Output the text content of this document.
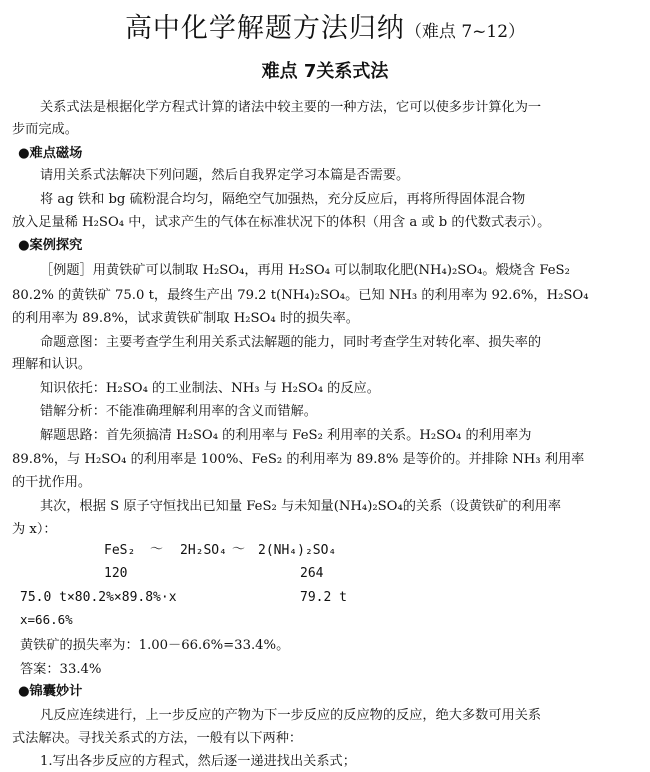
高中化学解题方法归纳（难点 7~12）
难点 7关系式法
关系式法是根据化学方程式计算的诸法中较主要的一种方法，它可以使多步计算化为一
步而完成。
●难点磁场
请用关系式法解决下列问题，然后自我界定学习本篇是否需要。
将 ag 铁和 bg 硫粉混合均匀，隔绝空气加强热，充分反应后，再将所得固体混合物
放入足量稀 H₂SO₄ 中，试求产生的气体在标准状况下的体积（用含 a 或 b 的代数式表示）。
●案例探究
［例题］用黄铁矿可以制取 H₂SO₄，再用 H₂SO₄ 可以制取化肥(NH₄)₂SO₄。煅烧含 FeS₂
80.2% 的黄铁矿 75.0 t，最终生产出 79.2 t(NH₄)₂SO₄。已知 NH₃ 的利用率为 92.6%，H₂SO₄
的利用率为 89.8%，试求黄铁矿制取 H₂SO₄ 时的损失率。
命题意图：主要考查学生利用关系式法解题的能力，同时考查学生对转化率、损失率的
理解和认识。
知识依托：H₂SO₄ 的工业制法、NH₃ 与 H₂SO₄ 的反应。
错解分析：不能准确理解利用率的含义而错解。
解题思路：首先须搞清 H₂SO₄ 的利用率与 FeS₂ 利用率的关系。H₂SO₄ 的利用率为
89.8%，与 H₂SO₄ 的利用率是 100%、FeS₂ 的利用率为 89.8% 是等价的。并排除 NH₃ 利用率
的干扰作用。
其次，根据 S 原子守恒找出已知量 FeS₂ 与未知量(NH₄)₂SO₄的关系（设黄铁矿的利用率
为 x）：
FeS₂ ～ 2H₂SO₄ ～ 2(NH₄)₂SO₄
120	264
75.0 t×80.2%×89.8%·x	79.2 t
x=66.6%
黄铁矿的损失率为：1.00－66.6%=33.4%。
答案：33.4%
●锦囊妙计
凡反应连续进行，上一步反应的产物为下一步反应的反应物的反应，绝大多数可用关系
式法解决。寻找关系式的方法，一般有以下两种：
1.写出各步反应的方程式，然后逐一递进找出关系式；
